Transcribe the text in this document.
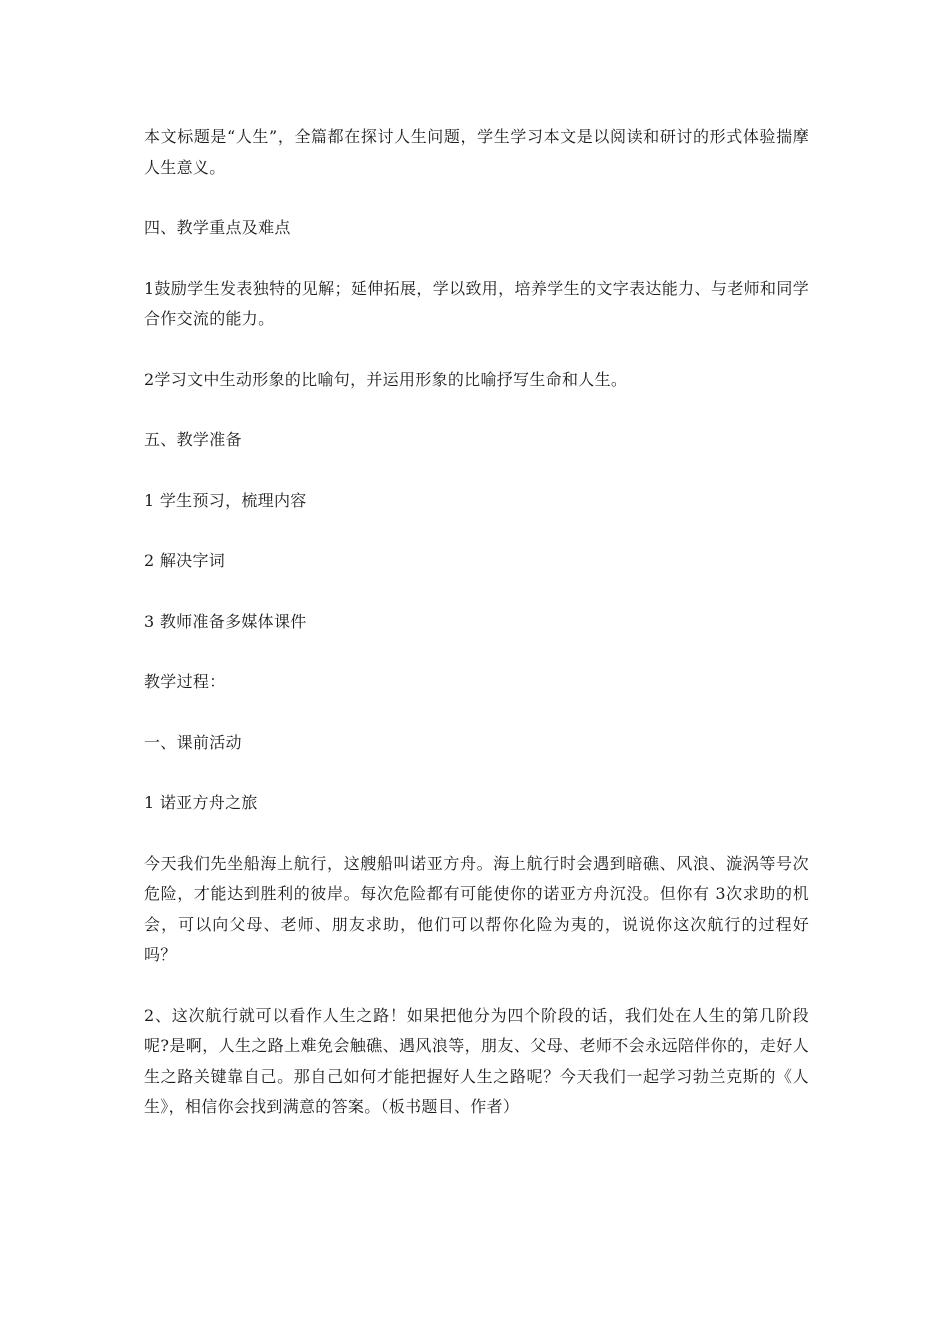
本文标题是“人生”，全篇都在探讨人生问题，学生学习本文是以阅读和研讨的形式体验揣摩人生意义。

四、教学重点及难点

1鼓励学生发表独特的见解；延伸拓展，学以致用，培养学生的文字表达能力、与老师和同学合作交流的能力。

2学习文中生动形象的比喻句，并运用形象的比喻抒写生命和人生。

五、教学准备

1 学生预习，梳理内容

2 解决字词

3 教师准备多媒体课件

教学过程：

一、课前活动

1 诺亚方舟之旅

今天我们先坐船海上航行，这艘船叫诺亚方舟。海上航行时会遇到暗礁、风浪、漩涡等号次危险，才能达到胜利的彼岸。每次危险都有可能使你的诺亚方舟沉没。但你有 3次求助的机会，可以向父母、老师、朋友求助，他们可以帮你化险为夷的，说说你这次航行的过程好吗？

2、这次航行就可以看作人生之路！如果把他分为四个阶段的话，我们处在人生的第几阶段呢?是啊，人生之路上难免会触礁、遇风浪等，朋友、父母、老师不会永远陪伴你的，走好人生之路关键靠自己。那自己如何才能把握好人生之路呢？今天我们一起学习勃兰克斯的《人生》，相信你会找到满意的答案。（板书题目、作者）
